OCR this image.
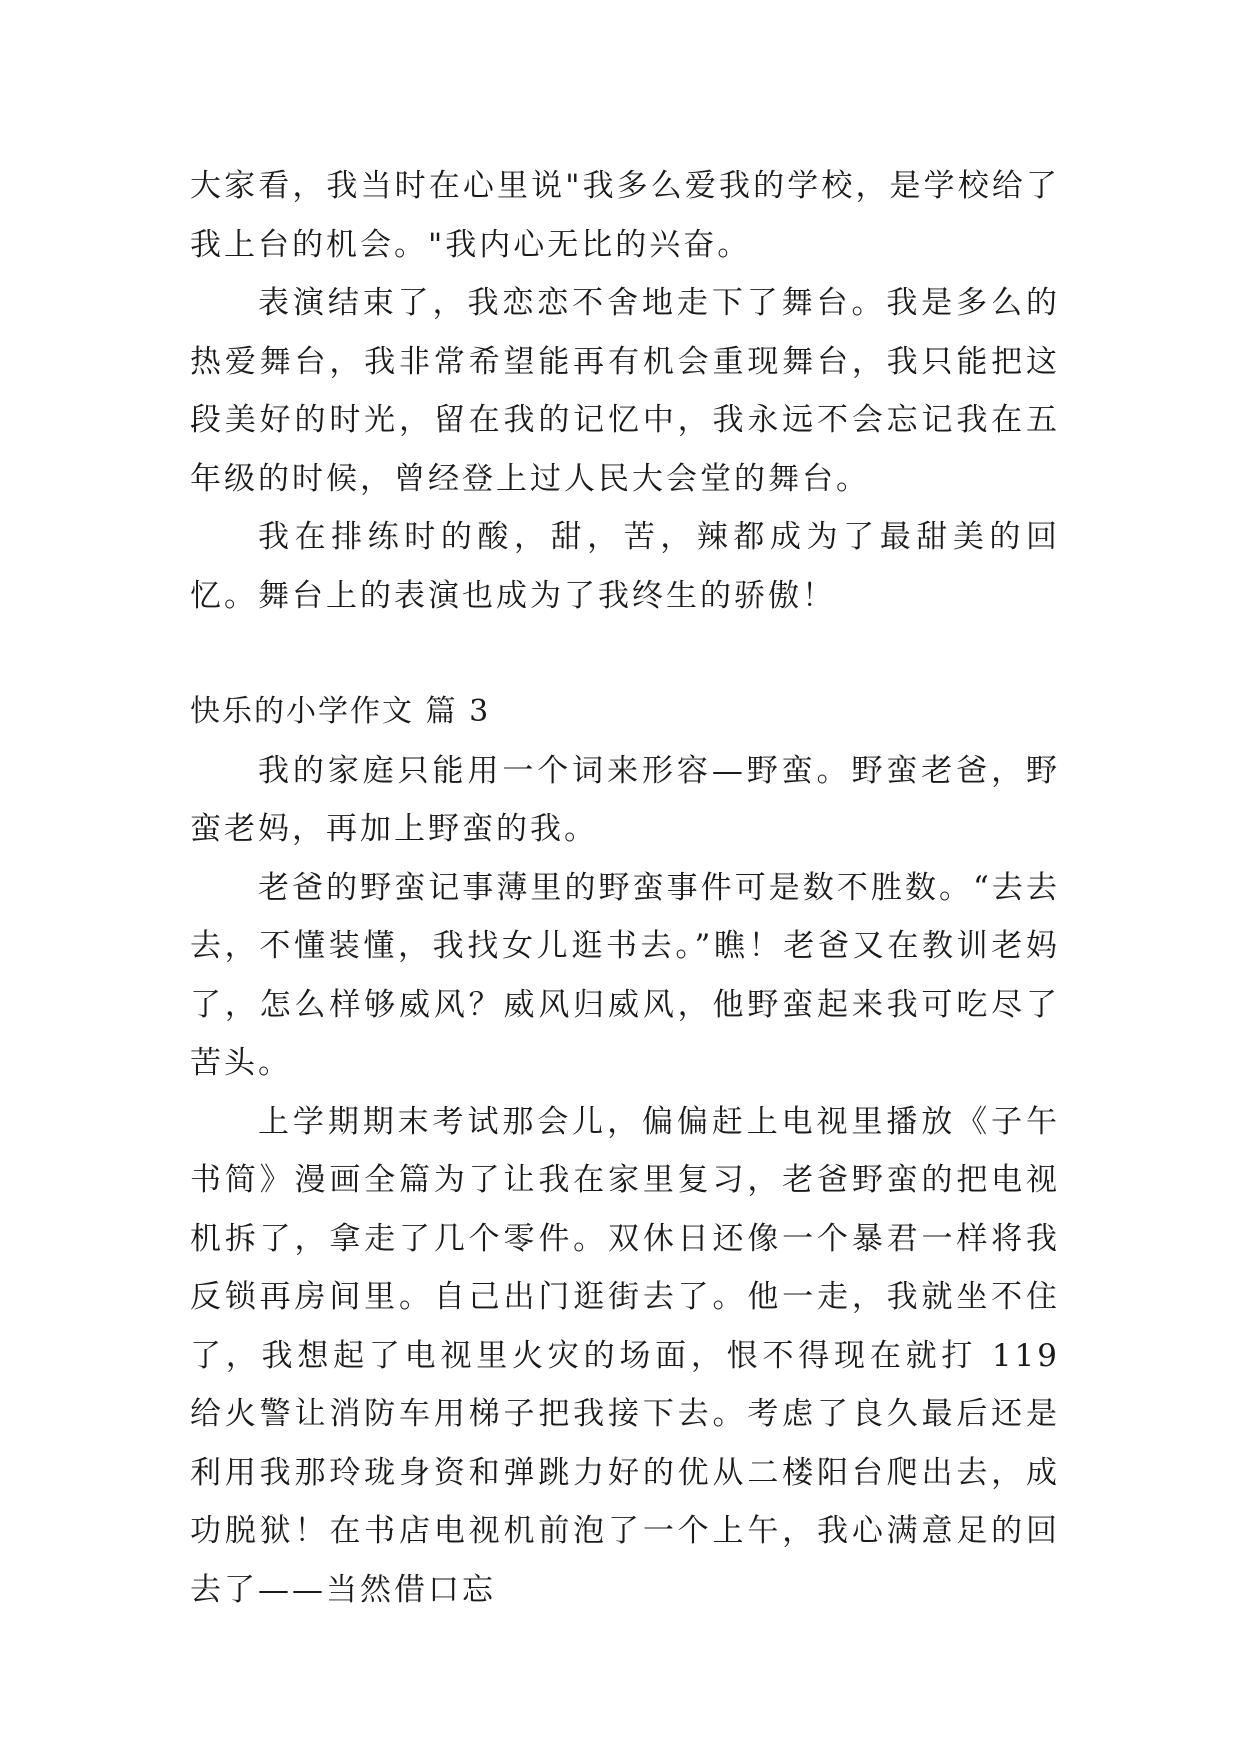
大家看，我当时在心里说"我多么爱我的学校，是学校给了我上台的机会。"我内心无比的兴奋。

表演结束了，我恋恋不舍地走下了舞台。我是多么的热爱舞台，我非常希望能再有机会重现舞台，我只能把这段美好的时光，留在我的记忆中，我永远不会忘记我在五年级的时候，曾经登上过人民大会堂的舞台。

我在排练时的酸，甜，苦，辣都成为了最甜美的回忆。舞台上的表演也成为了我终生的骄傲！

快乐的小学作文 篇 3

我的家庭只能用一个词来形容—野蛮。野蛮老爸，野蛮老妈，再加上野蛮的我。

老爸的野蛮记事薄里的野蛮事件可是数不胜数。“去去去，不懂装懂，我找女儿逛书去。”瞧！老爸又在教训老妈了，怎么样够威风？威风归威风，他野蛮起来我可吃尽了苦头。

上学期期末考试那会儿，偏偏赶上电视里播放《子午书简》漫画全篇为了让我在家里复习，老爸野蛮的把电视机拆了，拿走了几个零件。双休日还像一个暴君一样将我反锁再房间里。自己出门逛街去了。他一走，我就坐不住了，我想起了电视里火灾的场面，恨不得现在就打 119 给火警让消防车用梯子把我接下去。考虑了良久最后还是利用我那玲珑身资和弹跳力好的优从二楼阳台爬出去，成功脱狱！在书店电视机前泡了一个上午，我心满意足的回去了——当然借口忘
